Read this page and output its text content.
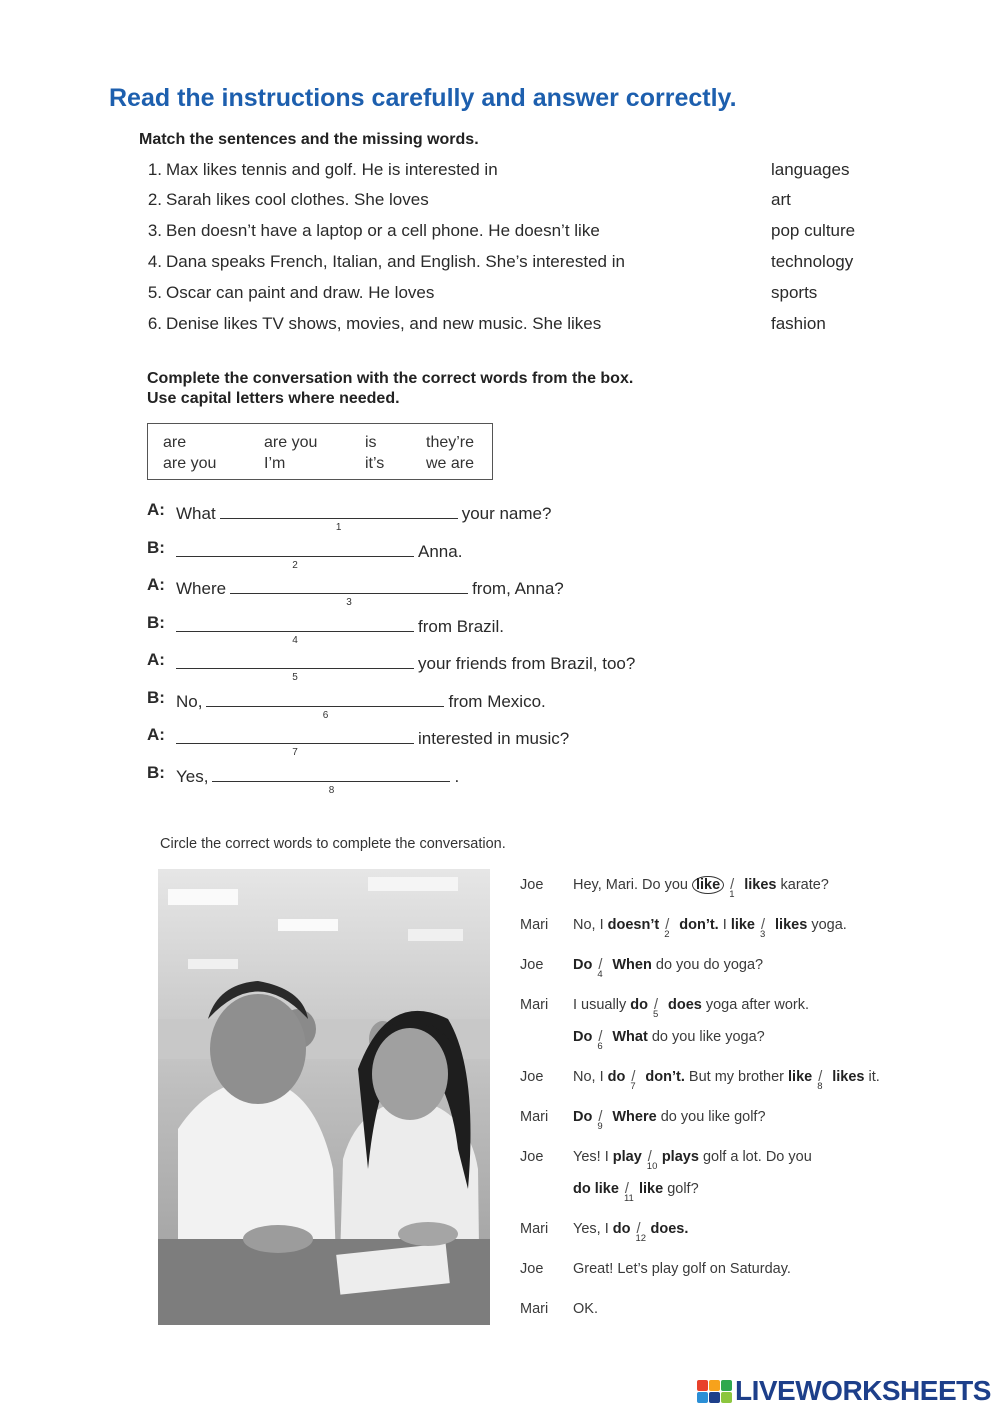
Read the instructions carefully and answer correctly.
Match the sentences and the missing words.
1. Max likes tennis and golf. He is interested in	languages
2. Sarah likes cool clothes. She loves	art
3. Ben doesn’t have a laptop or a cell phone. He doesn’t like	pop culture
4. Dana speaks French, Italian, and English. She’s interested in	technology
5. Oscar can paint and draw. He loves	sports
6. Denise likes TV shows, movies, and new music. She likes	fashion
Complete the conversation with the correct words from the box.
Use capital letters where needed.
are	are you	is	they’re
are you	I’m	it’s	we are
A: What
1
your name?
B:
2
Anna.
A: Where
3
from, Anna?
B:
4
from Brazil.
A:
5
your friends from Brazil, too?
B: No,
6
from Mexico.
A:
7
interested in music?
B: Yes,
8
.
Circle the correct words to complete the conversation.
Joe Hey, Mari. Do you like /
1
likes karate?
Mari No, I doesn’t /
2
don’t. I like /
3
likes yoga.
Joe Do /
4
When do you do yoga?
Mari I usually do /
5
does yoga after work.
Do /
6
What do you like yoga?
Joe No, I do /
7
don’t. But my brother like /
8
likes it.
Mari Do /
9
Where do you like golf?
Joe Yes! I play /
10
plays golf a lot. Do you
do like /
11
like golf?
Mari Yes, I do /
12
does.
Joe Great! Let’s play golf on Saturday.
Mari OK.
LIVEWORKSHEETS
